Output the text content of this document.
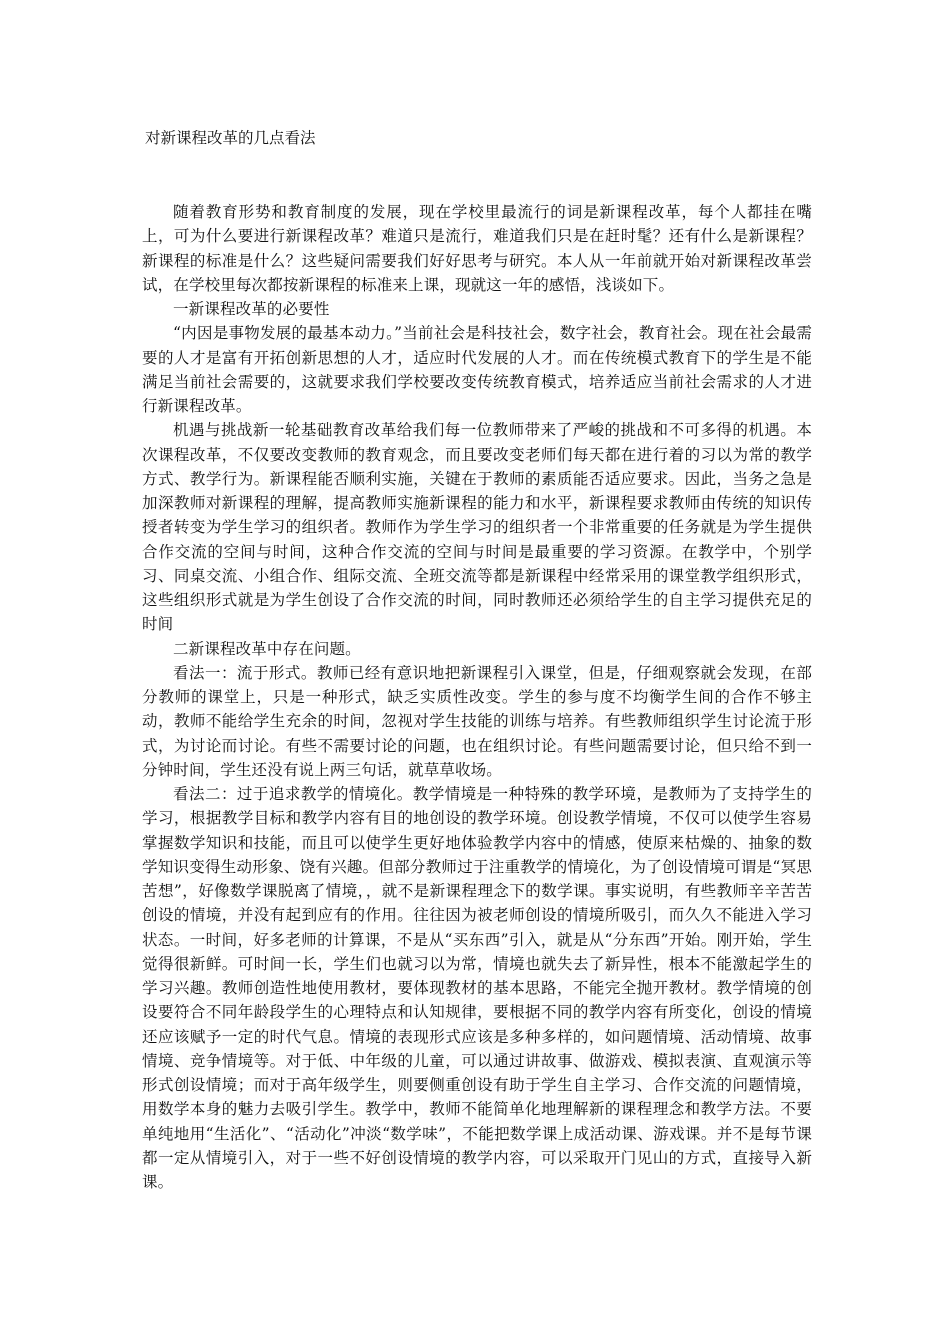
对新课程改革的几点看法

随着教育形势和教育制度的发展，现在学校里最流行的词是新课程改革，每个人都挂在嘴上，可为什么要进行新课程改革？难道只是流行，难道我们只是在赶时髦？还有什么是新课程？新课程的标准是什么？这些疑问需要我们好好思考与研究。本人从一年前就开始对新课程改革尝试，在学校里每次都按新课程的标准来上课，现就这一年的感悟，浅谈如下。

一新课程改革的必要性

“内因是事物发展的最基本动力。”当前社会是科技社会，数字社会，教育社会。现在社会最需要的人才是富有开拓创新思想的人才，适应时代发展的人才。而在传统模式教育下的学生是不能满足当前社会需要的，这就要求我们学校要改变传统教育模式，培养适应当前社会需求的人才进行新课程改革。

机遇与挑战新一轮基础教育改革给我们每一位教师带来了严峻的挑战和不可多得的机遇。本次课程改革，不仅要改变教师的教育观念，而且要改变老师们每天都在进行着的习以为常的教学方式、教学行为。新课程能否顺利实施，关键在于教师的素质能否适应要求。因此，当务之急是加深教师对新课程的理解，提高教师实施新课程的能力和水平，新课程要求教师由传统的知识传授者转变为学生学习的组织者。教师作为学生学习的组织者一个非常重要的任务就是为学生提供合作交流的空间与时间，这种合作交流的空间与时间是最重要的学习资源。在教学中，个别学习、同桌交流、小组合作、组际交流、全班交流等都是新课程中经常采用的课堂教学组织形式，这些组织形式就是为学生创设了合作交流的时间，同时教师还必须给学生的自主学习提供充足的时间

二新课程改革中存在问题。

看法一：流于形式。教师已经有意识地把新课程引入课堂，但是，仔细观察就会发现，在部分教师的课堂上，只是一种形式，缺乏实质性改变。学生的参与度不均衡学生间的合作不够主动，教师不能给学生充余的时间，忽视对学生技能的训练与培养。有些教师组织学生讨论流于形式，为讨论而讨论。有些不需要讨论的问题，也在组织讨论。有些问题需要讨论，但只给不到一分钟时间，学生还没有说上两三句话，就草草收场。

看法二：过于追求教学的情境化。教学情境是一种特殊的教学环境，是教师为了支持学生的学习，根据教学目标和教学内容有目的地创设的教学环境。创设教学情境，不仅可以使学生容易掌握数学知识和技能，而且可以使学生更好地体验教学内容中的情感，使原来枯燥的、抽象的数学知识变得生动形象、饶有兴趣。但部分教师过于注重教学的情境化，为了创设情境可谓是“冥思苦想”，好像数学课脱离了情境，，就不是新课程理念下的数学课。事实说明，有些教师辛辛苦苦创设的情境，并没有起到应有的作用。往往因为被老师创设的情境所吸引，而久久不能进入学习状态。一时间，好多老师的计算课，不是从“买东西”引入，就是从“分东西”开始。刚开始，学生觉得很新鲜。可时间一长，学生们也就习以为常，情境也就失去了新异性，根本不能激起学生的学习兴趣。教师创造性地使用教材，要体现教材的基本思路，不能完全抛开教材。教学情境的创设要符合不同年龄段学生的心理特点和认知规律，要根据不同的教学内容有所变化，创设的情境还应该赋予一定的时代气息。情境的表现形式应该是多种多样的，如问题情境、活动情境、故事情境、竞争情境等。对于低、中年级的儿童，可以通过讲故事、做游戏、模拟表演、直观演示等形式创设情境；而对于高年级学生，则要侧重创设有助于学生自主学习、合作交流的问题情境，用数学本身的魅力去吸引学生。教学中，教师不能简单化地理解新的课程理念和教学方法。不要单纯地用“生活化”、“活动化”冲淡“数学味”，不能把数学课上成活动课、游戏课。并不是每节课都一定从情境引入，对于一些不好创设情境的教学内容，可以采取开门见山的方式，直接导入新课。
